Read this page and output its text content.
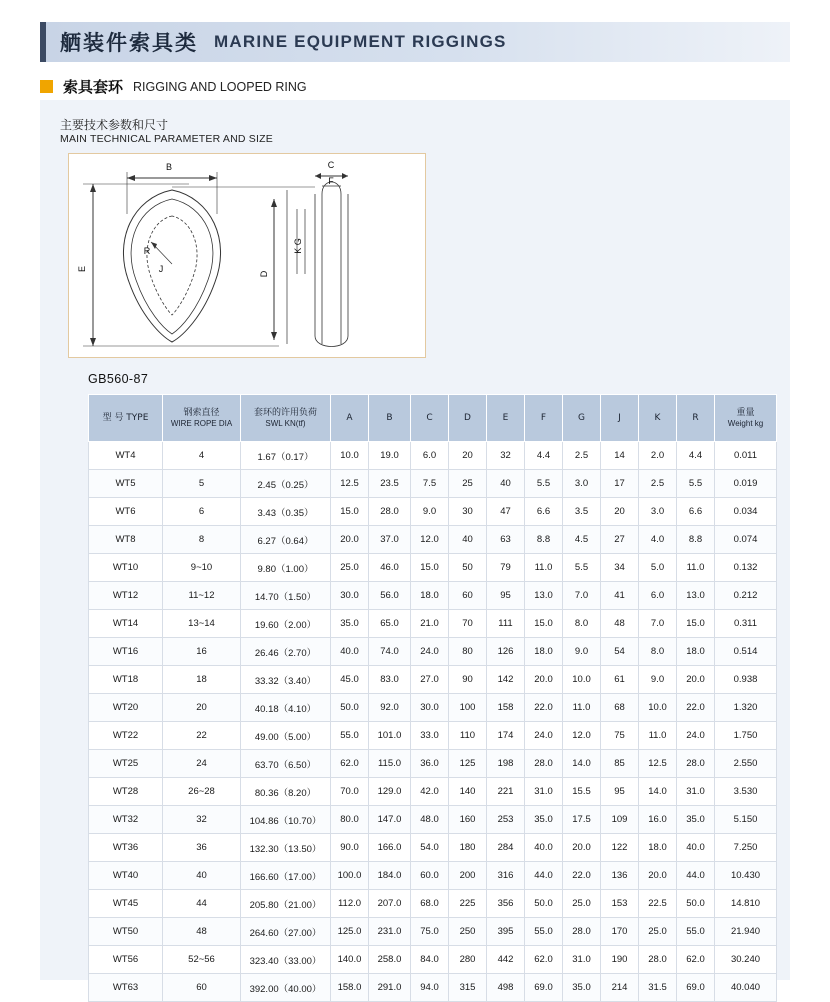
舾装件索具类 MARINE EQUIPMENT RIGGINGS
索具套环 RIGGING AND LOOPED RING
主要技术参数和尺寸
MAIN TECHNICAL PARAMETER AND SIZE
E
B	C
F
D
K G
R
J
GB560-87
型 号 TYPE	钢索直径
WIRE ROPE DIA	套环的许用负荷
SWL KN(tf)	A	B	C	D	E	F	G	J	K	R	重量
Weight kg

WT4	4	1.67（0.17）	10.0	19.0	6.0	20	32	4.4	2.5	14	2.0	4.4	0.011
WT5	5	2.45（0.25）	12.5	23.5	7.5	25	40	5.5	3.0	17	2.5	5.5	0.019
WT6	6	3.43（0.35）	15.0	28.0	9.0	30	47	6.6	3.5	20	3.0	6.6	0.034
WT8	8	6.27（0.64）	20.0	37.0	12.0	40	63	8.8	4.5	27	4.0	8.8	0.074
WT10	9~10	9.80（1.00）	25.0	46.0	15.0	50	79	11.0	5.5	34	5.0	11.0	0.132
WT12	11~12	14.70（1.50）	30.0	56.0	18.0	60	95	13.0	7.0	41	6.0	13.0	0.212
WT14	13~14	19.60（2.00）	35.0	65.0	21.0	70	111	15.0	8.0	48	7.0	15.0	0.311
WT16	16	26.46（2.70）	40.0	74.0	24.0	80	126	18.0	9.0	54	8.0	18.0	0.514
WT18	18	33.32（3.40）	45.0	83.0	27.0	90	142	20.0	10.0	61	9.0	20.0	0.938
WT20	20	40.18（4.10）	50.0	92.0	30.0	100	158	22.0	11.0	68	10.0	22.0	1.320
WT22	22	49.00（5.00）	55.0	101.0	33.0	110	174	24.0	12.0	75	11.0	24.0	1.750
WT25	24	63.70（6.50）	62.0	115.0	36.0	125	198	28.0	14.0	85	12.5	28.0	2.550
WT28	26~28	80.36（8.20）	70.0	129.0	42.0	140	221	31.0	15.5	95	14.0	31.0	3.530
WT32	32	104.86（10.70）	80.0	147.0	48.0	160	253	35.0	17.5	109	16.0	35.0	5.150
WT36	36	132.30（13.50）	90.0	166.0	54.0	180	284	40.0	20.0	122	18.0	40.0	7.250
WT40	40	166.60（17.00）	100.0	184.0	60.0	200	316	44.0	22.0	136	20.0	44.0	10.430
WT45	44	205.80（21.00）	112.0	207.0	68.0	225	356	50.0	25.0	153	22.5	50.0	14.810
WT50	48	264.60（27.00）	125.0	231.0	75.0	250	395	55.0	28.0	170	25.0	55.0	21.940
WT56	52~56	323.40（33.00）	140.0	258.0	84.0	280	442	62.0	31.0	190	28.0	62.0	30.240
WT63	60	392.00（40.00）	158.0	291.0	94.0	315	498	69.0	35.0	214	31.5	69.0	40.040
